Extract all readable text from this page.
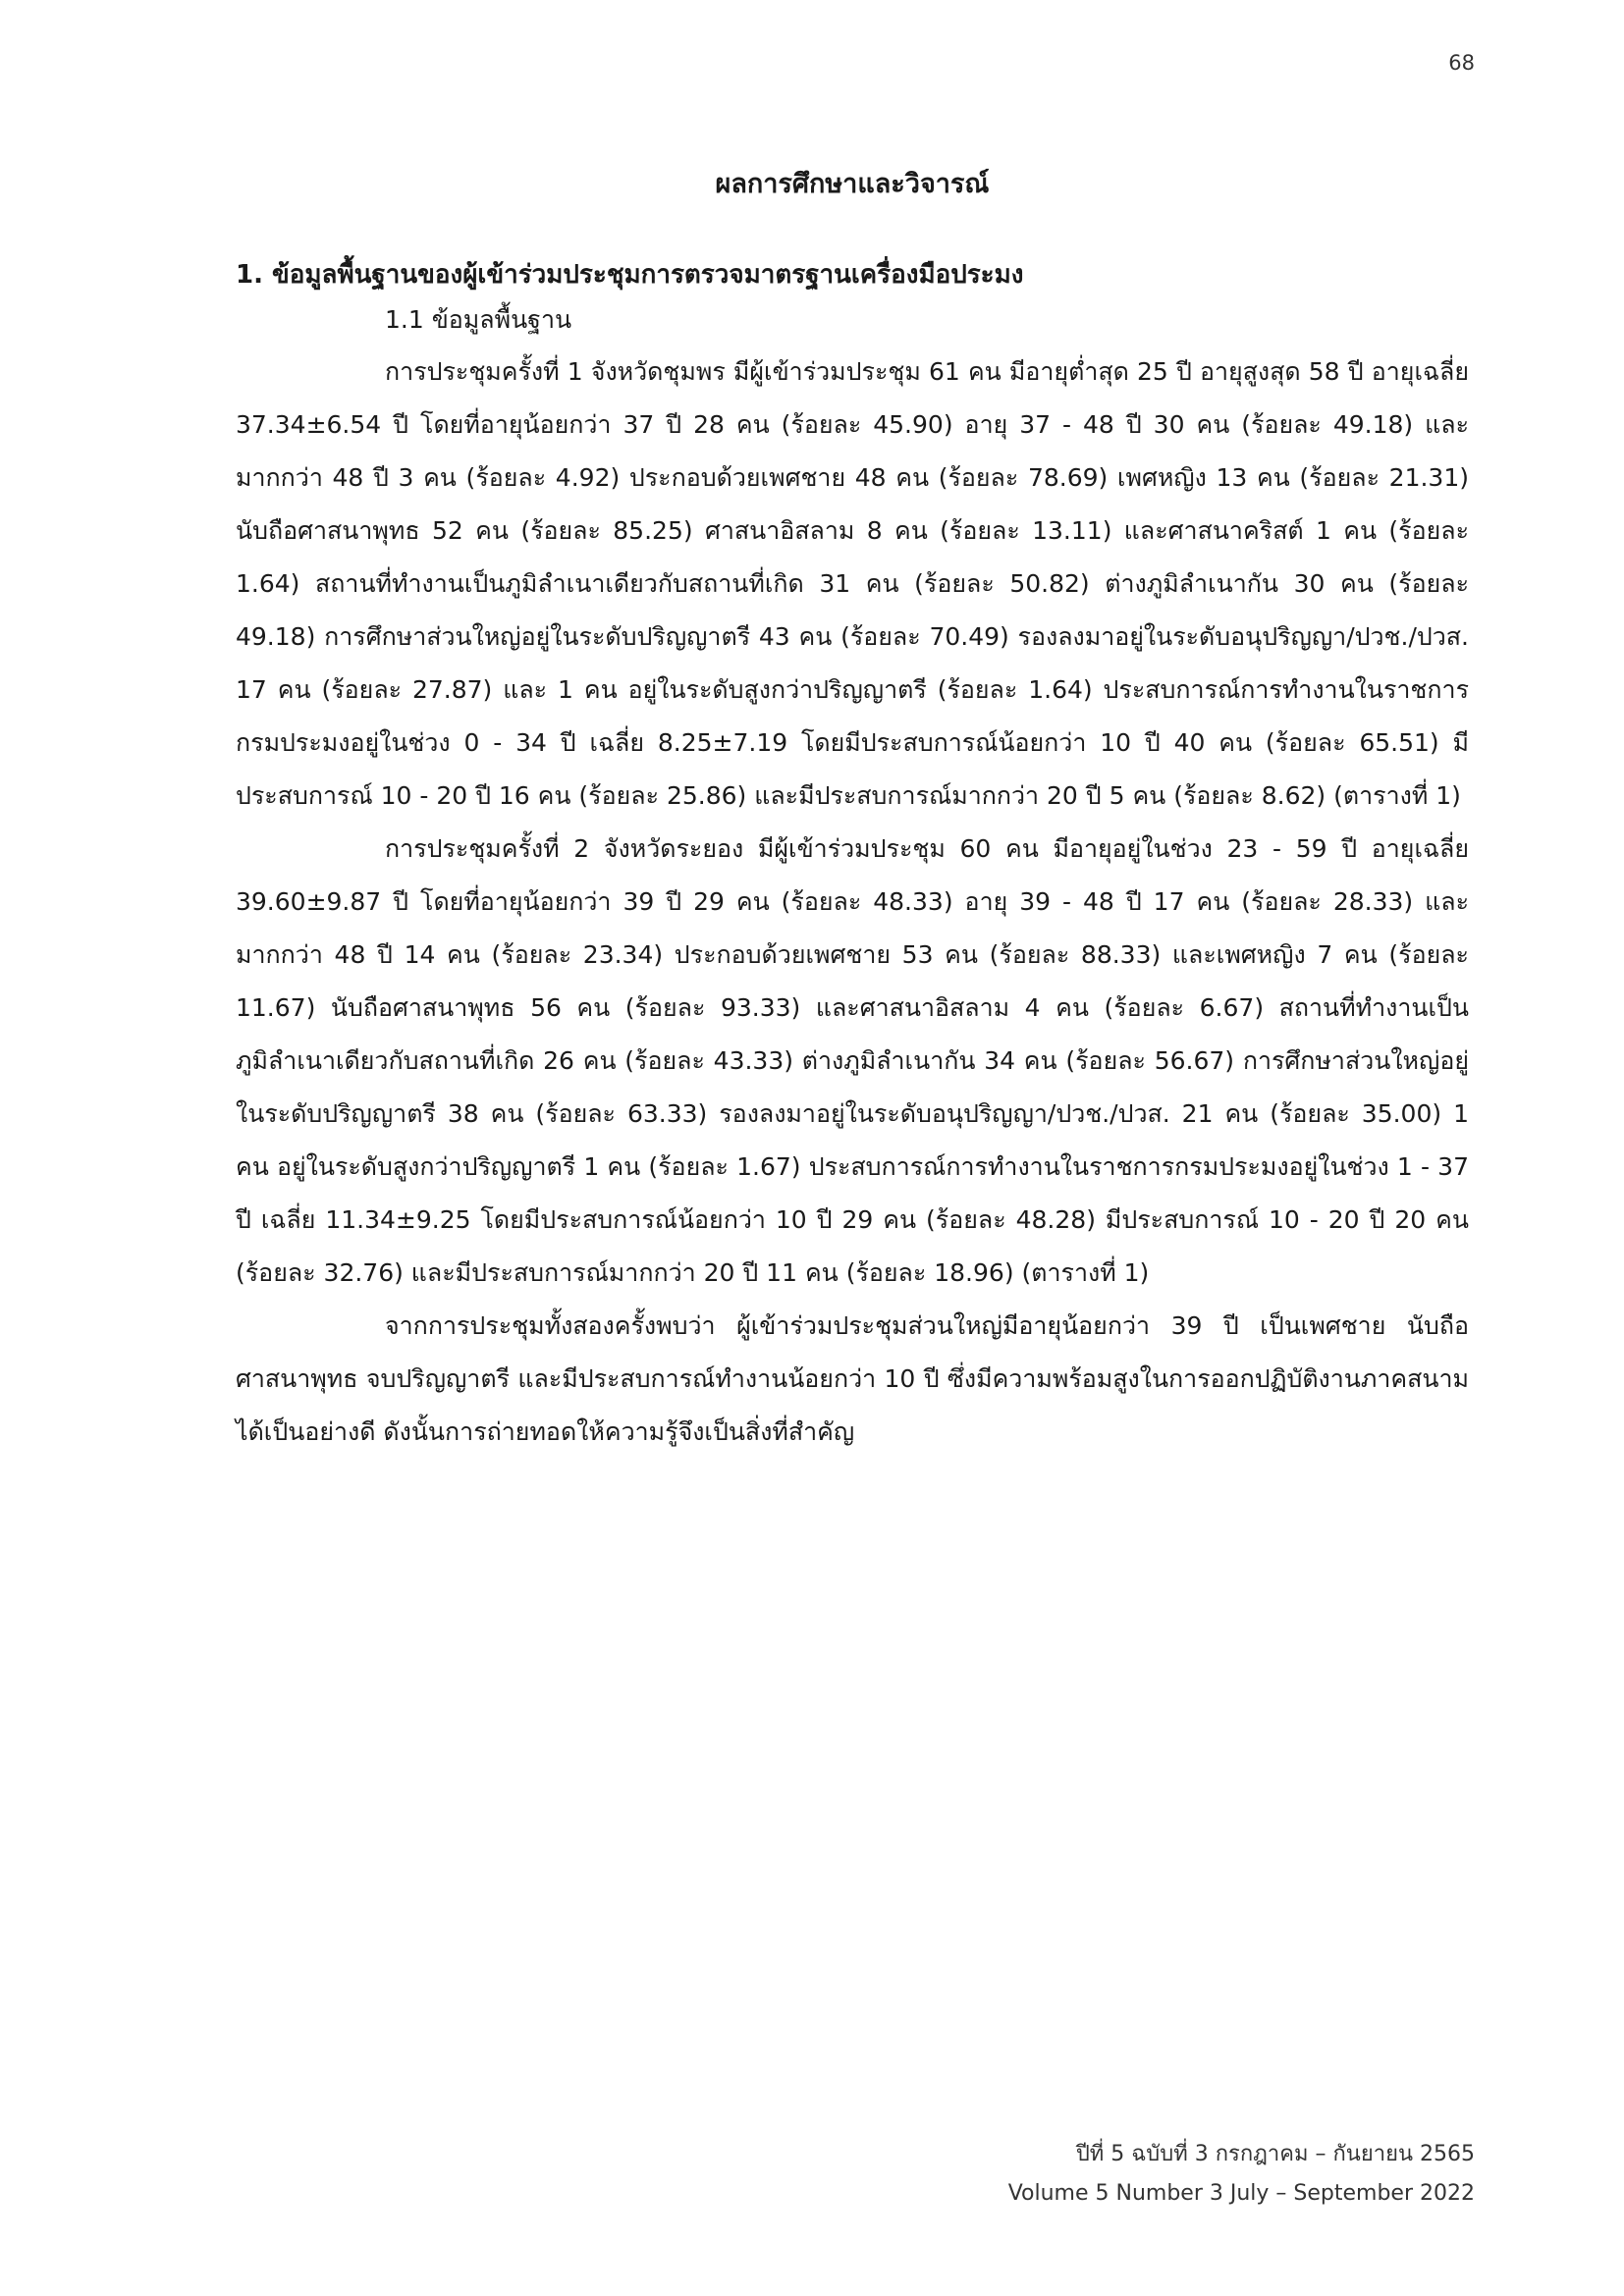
68
ผลการศึกษาและวิจารณ์
1. ข้อมูลพื้นฐานของผู้เข้าร่วมประชุมการตรวจมาตรฐานเครื่องมือประมง
1.1 ข้อมูลพื้นฐาน

การประชุมครั้งที่ 1 จังหวัดชุมพร มีผู้เข้าร่วมประชุม 61 คน มีอายุต่ำสุด 25 ปี อายุสูงสุด 58 ปี อายุเฉลี่ย 37.34±6.54 ปี โดยที่อายุน้อยกว่า 37 ปี 28 คน (ร้อยละ 45.90) อายุ 37 - 48 ปี 30 คน (ร้อยละ 49.18) และมากกว่า 48 ปี 3 คน (ร้อยละ 4.92) ประกอบด้วยเพศชาย 48 คน (ร้อยละ 78.69) เพศหญิง 13 คน (ร้อยละ 21.31) นับถือศาสนาพุทธ 52 คน (ร้อยละ 85.25) ศาสนาอิสลาม 8 คน (ร้อยละ 13.11) และศาสนาคริสต์ 1 คน (ร้อยละ 1.64) สถานที่ทำงานเป็นภูมิลำเนาเดียวกับสถานที่เกิด 31 คน (ร้อยละ 50.82) ต่างภูมิลำเนากัน 30 คน (ร้อยละ 49.18) การศึกษาส่วนใหญ่อยู่ในระดับปริญญาตรี 43 คน (ร้อยละ 70.49) รองลงมาอยู่ในระดับอนุปริญญา/ปวช./ปวส. 17 คน (ร้อยละ 27.87) และ 1 คน อยู่ในระดับสูงกว่าปริญญาตรี (ร้อยละ 1.64) ประสบการณ์การทำงานในราชการกรมประมงอยู่ในช่วง 0 - 34 ปี เฉลี่ย 8.25±7.19 โดยมีประสบการณ์น้อยกว่า 10 ปี 40 คน (ร้อยละ 65.51) มีประสบการณ์ 10 - 20 ปี 16 คน (ร้อยละ 25.86) และมีประสบการณ์มากกว่า 20 ปี 5 คน (ร้อยละ 8.62) (ตารางที่ 1)

การประชุมครั้งที่ 2 จังหวัดระยอง มีผู้เข้าร่วมประชุม 60 คน มีอายุอยู่ในช่วง 23 - 59 ปี อายุเฉลี่ย 39.60±9.87 ปี โดยที่อายุน้อยกว่า 39 ปี 29 คน (ร้อยละ 48.33) อายุ 39 - 48 ปี 17 คน (ร้อยละ 28.33) และมากกว่า 48 ปี 14 คน (ร้อยละ 23.34) ประกอบด้วยเพศชาย 53 คน (ร้อยละ 88.33) และเพศหญิง 7 คน (ร้อยละ 11.67) นับถือศาสนาพุทธ 56 คน (ร้อยละ 93.33) และศาสนาอิสลาม 4 คน (ร้อยละ 6.67) สถานที่ทำงานเป็นภูมิลำเนาเดียวกับสถานที่เกิด 26 คน (ร้อยละ 43.33) ต่างภูมิลำเนากัน 34 คน (ร้อยละ 56.67) การศึกษาส่วนใหญ่อยู่ในระดับปริญญาตรี 38 คน (ร้อยละ 63.33) รองลงมาอยู่ในระดับอนุปริญญา/ปวช./ปวส. 21 คน (ร้อยละ 35.00) 1 คน อยู่ในระดับสูงกว่าปริญญาตรี 1 คน (ร้อยละ 1.67) ประสบการณ์การทำงานในราชการกรมประมงอยู่ในช่วง 1 - 37 ปี เฉลี่ย 11.34±9.25 โดยมีประสบการณ์น้อยกว่า 10 ปี 29 คน (ร้อยละ 48.28) มีประสบการณ์ 10 - 20 ปี 20 คน (ร้อยละ 32.76) และมีประสบการณ์มากกว่า 20 ปี 11 คน (ร้อยละ 18.96) (ตารางที่ 1)

จากการประชุมทั้งสองครั้งพบว่า ผู้เข้าร่วมประชุมส่วนใหญ่มีอายุน้อยกว่า 39 ปี เป็นเพศชาย นับถือศาสนาพุทธ จบปริญญาตรี และมีประสบการณ์ทำงานน้อยกว่า 10 ปี ซึ่งมีความพร้อมสูงในการออกปฏิบัติงานภาคสนามได้เป็นอย่างดี ดังนั้นการถ่ายทอดให้ความรู้จึงเป็นสิ่งที่สำคัญ

ปีที่ 5 ฉบับที่ 3 กรกฎาคม – กันยายน 2565
Volume 5 Number 3 July – September 2022
